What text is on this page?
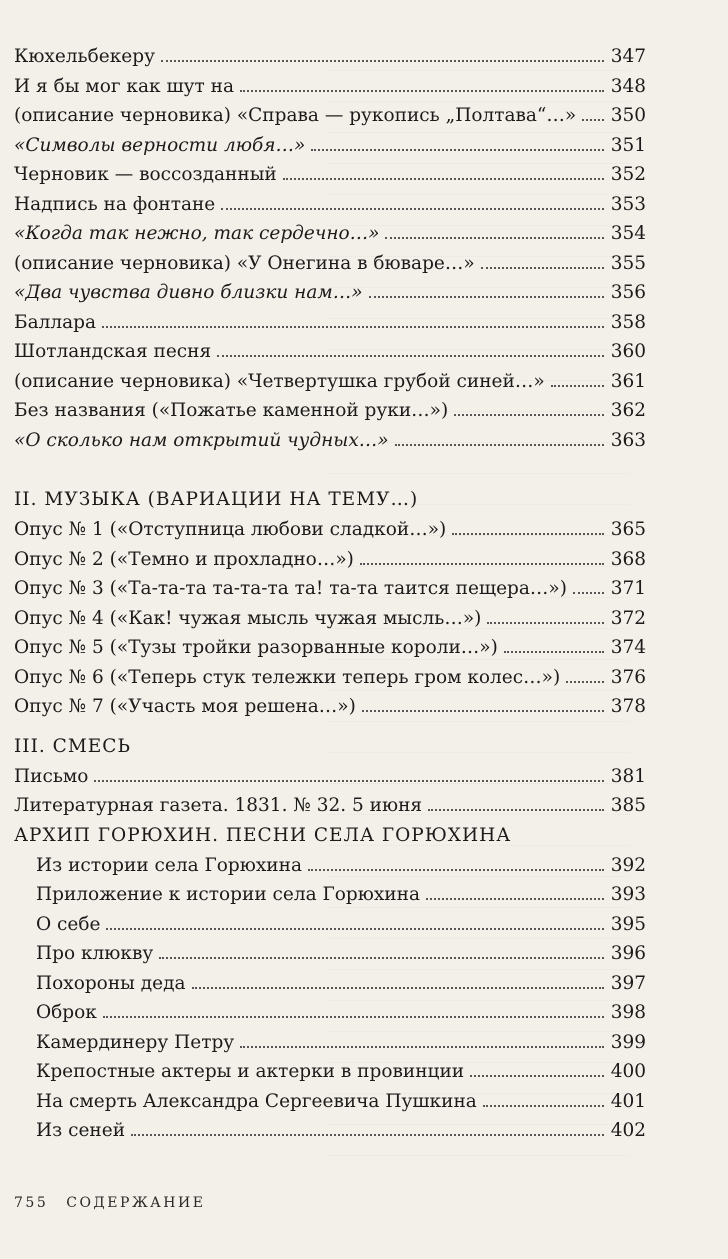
Кюхельбекеру	347
И я бы мог как шут на	348
(описание черновика) «Справа — рукопись „Полтава“…» 350
«Символы верности любя…»	351
Черновик — воссозданный	352
Надпись на фонтане	353
«Когда так нежно, так сердечно…»	354
(описание черновика) «У Онегина в бюваре…»	355
«Два чувства дивно близки нам…»	356
Баллара	358
Шотландская песня	360
(описание черновика) «Четвертушка грубой синей…»	361
Без названия («Пожатье каменной руки…»)	362
«О сколько нам открытий чудных…»	363
II. МУЗЫКА (ВАРИАЦИИ НА ТЕМУ…)
Опус № 1 («Отступница любови сладкой…»)	365
Опус № 2 («Темно и прохладно…»)	368
Опус № 3 («Та-та-та та-та-та та! та-та таится пещера…») 371
Опус № 4 («Как! чужая мысль чужая мысль…»)	372
Опус № 5 («Тузы тройки разорванные короли…»)	374
Опус № 6 («Теперь стук тележки теперь гром колес…»)	376
Опус № 7 («Участь моя решена…»)	378
III. СМЕСЬ
Письмо	381
Литературная газета. 1831. № 32. 5 июня	385
АРХИП ГОРЮХИН. ПЕСНИ СЕЛА ГОРЮХИНА
Из истории села Горюхина	392
Приложение к истории села Горюхина	393
О себе	395
Про клюкву	396
Похороны деда	397
Оброк	398
Камердинеру Петру	399
Крепостные актеры и актерки в провинции	400
На смерть Александра Сергеевича Пушкина	401
Из сеней	402
755 СОДЕРЖАНИЕ
